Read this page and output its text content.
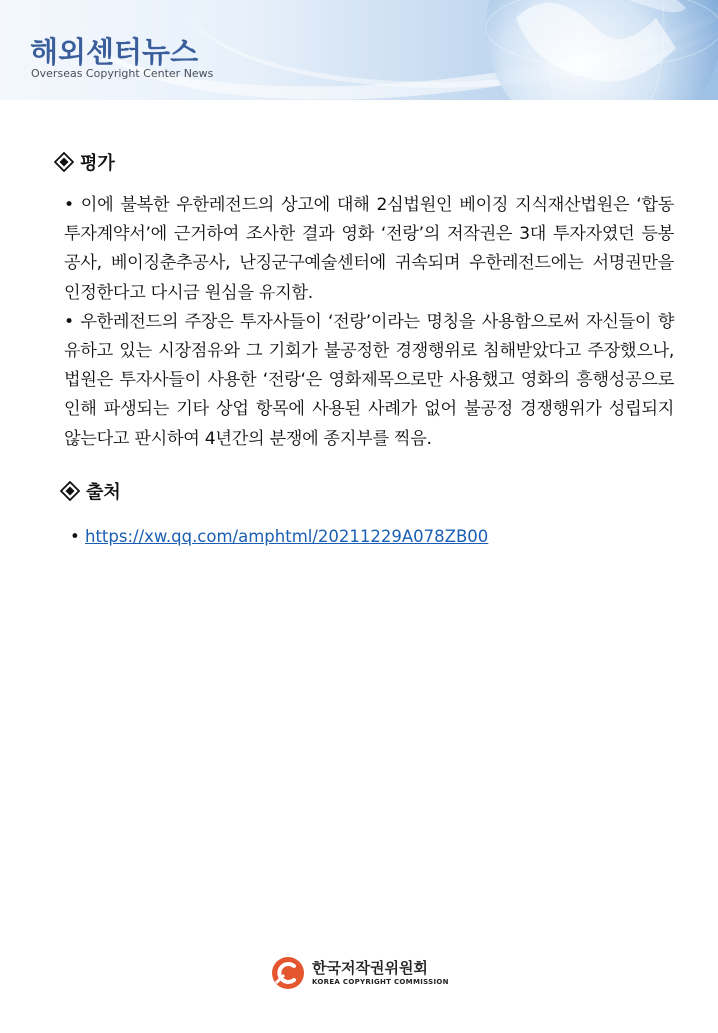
해외센터뉴스
Overseas Copyright Center News
평가

• 이에 불복한 우한레전드의 상고에 대해 2심법원인 베이징 지식재산법원은 ‘합동 투자계약서’에 근거하여 조사한 결과 영화 ‘전랑’의 저작권은 3대 투자자였던 등봉공사, 베이징춘추공사, 난징군구예술센터에 귀속되며 우한레전드에는 서명권만을 인정한다고 다시금 원심을 유지함.

• 우한레전드의 주장은 투자사들이 ‘전랑’이라는 명칭을 사용함으로써 자신들이 향유하고 있는 시장점유와 그 기회가 불공정한 경쟁행위로 침해받았다고 주장했으나, 법원은 투자사들이 사용한 ‘전랑‘은 영화제목으로만 사용했고 영화의 흥행성공으로 인해 파생되는 기타 상업 항목에 사용된 사례가 없어 불공정 경쟁행위가 성립되지 않는다고 판시하여 4년간의 분쟁에 종지부를 찍음.

출처
• https://xw.qq.com/amphtml/20211229A078ZB00
한국저작권위원회
KOREA COPYRIGHT COMMISSION
